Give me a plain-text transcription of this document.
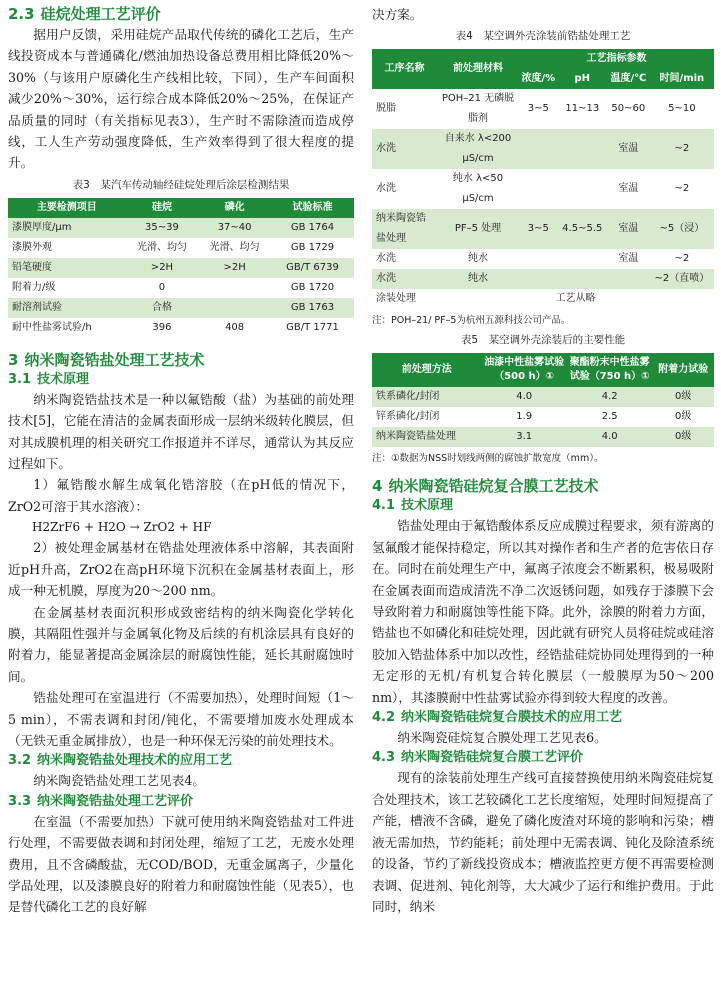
2.3 硅烷处理工艺评价

据用户反馈，采用硅烷产品取代传统的磷化工艺后，生产线投资成本与普通磷化/燃油加热设备总费用相比降低20%～30%（与该用户原磷化生产线相比较，下同），生产车间面积减少20%～30%，运行综合成本降低20%～25%，在保证产品质量的同时（有关指标见表3），生产时不需除渣而造成停线，工人生产劳动强度降低，生产效率得到了很大程度的提升。

表3　某汽车传动轴经硅烷处理后涂层检测结果
主要检测项目	硅烷	磷化	试验标准
漆膜厚度/μm	35~39	37~40	GB 1764
漆膜外观	光滑、均匀	光滑、均匀	GB 1729
铅笔硬度	>2H	>2H	GB/T 6739
附着力/级	0		GB 1720
耐溶剂试验	合格		GB 1763
耐中性盐雾试验/h	396	408	GB/T 1771
3 纳米陶瓷锆盐处理工艺技术
3.1 技术原理

纳米陶瓷锆盐技术是一种以氟锆酸（盐）为基础的前处理技术[5]，它能在清洁的金属表面形成一层纳米级转化膜层，但对其成膜机理的相关研究工作报道并不详尽，通常认为其反应过程如下。

1）氟锆酸水解生成氧化锆溶胶（在pH低的情况下，ZrO2可溶于其水溶液）：

H2ZrF6 + H2O → ZrO2 + HF

2）被处理金属基材在锆盐处理液体系中溶解，其表面附近pH升高，ZrO2在高pH环境下沉积在金属基材表面上，形成一种无机膜，厚度为20～200 nm。

在金属基材表面沉积形成致密结构的纳米陶瓷化学转化膜，其隔阻性强并与金属氧化物及后续的有机涂层具有良好的附着力，能显著提高金属涂层的耐腐蚀性能，延长其耐腐蚀时间。

锆盐处理可在室温进行（不需要加热），处理时间短（1～5 min），不需表调和封闭/钝化，不需要增加废水处理成本（无铁无重金属排放），也是一种环保无污染的前处理技术。

3.2 纳米陶瓷锆盐处理技术的应用工艺

纳米陶瓷锆盐处理工艺见表4。

3.3 纳米陶瓷锆盐处理工艺评价

在室温（不需要加热）下就可使用纳米陶瓷锆盐对工件进行处理，不需要做表调和封闭处理，缩短了工艺，无废水处理费用，且不含磷酸盐，无COD/BOD，无重金属离子，少量化学品处理，以及漆膜良好的附着力和耐腐蚀性能（见表5），也是替代磷化工艺的良好解

决方案。

表4　某空调外壳涂装前锆盐处理工艺
工序名称	前处理材料	工艺指标参数			
		浓度/%	pH	温度/℃	时间/min
脱脂	POH–21 无磷脱脂剂	3~5	11~13	50~60	5~10
水洗	自来水 λ<200 μS/cm			室温	~2
水洗	纯水 λ<50 μS/cm			室温	~2
纳米陶瓷锆盐处理	PF–5 处理	3~5	4.5~5.5	室温	~5（浸）
水洗	纯水			室温	~2
水洗	纯水				~2（直喷）
涂装处理	工艺从略				
注：POH–21/ PF–5为杭州五源科技公司产品。
表5　某空调外壳涂装后的主要性能
前处理方法	油漆中性盐雾试验（500 h）①	聚酯粉末中性盐雾试验（750 h）①	附着力试验
铁系磷化/封闭	4.0	4.2	0级
锌系磷化/封闭	1.9	2.5	0级
纳米陶瓷锆盐处理	3.1	4.0	0级
注：①数据为NSS时划线两侧的腐蚀扩散宽度（mm）。
4 纳米陶瓷锆硅烷复合膜工艺技术
4.1 技术原理

锆盐处理由于氟锆酸体系反应成膜过程要求，须有游离的氢氟酸才能保持稳定，所以其对操作者和生产者的危害依日存在。同时在前处理生产中，氟离子浓度会不断累积，极易吸附在金属表面而造成清洗不净二次返锈问题，如残存于漆膜下会导致附着力和耐腐蚀等性能下降。此外，涂膜的附着力方面，锆盐也不如磷化和硅烷处理，因此就有研究人员将硅烷或硅溶胶加入锆盐体系中加以改性，经锆盐硅烷协同处理得到的一种无定形的无机/有机复合转化膜层（一般膜厚为50～200 nm），其漆膜耐中性盐雾试验亦得到较大程度的改善。

4.2 纳米陶瓷锆硅烷复合膜技术的应用工艺

纳米陶瓷硅烷复合膜处理工艺见表6。

4.3 纳米陶瓷锆硅烷复合膜工艺评价

现有的涂装前处理生产线可直接替换使用纳米陶瓷硅烷复合处理技术，该工艺较磷化工艺长度缩短，处理时间短提高了产能，槽液不含磷，避免了磷化废渣对环境的影响和污染；槽液无需加热，节约能耗；前处理中无需表调、钝化及除渣系统的设备，节约了新线投资成本；槽液监控更方便不再需要检测表调、促进剂、钝化剂等，大大减少了运行和维护费用。于此同时，纳米
